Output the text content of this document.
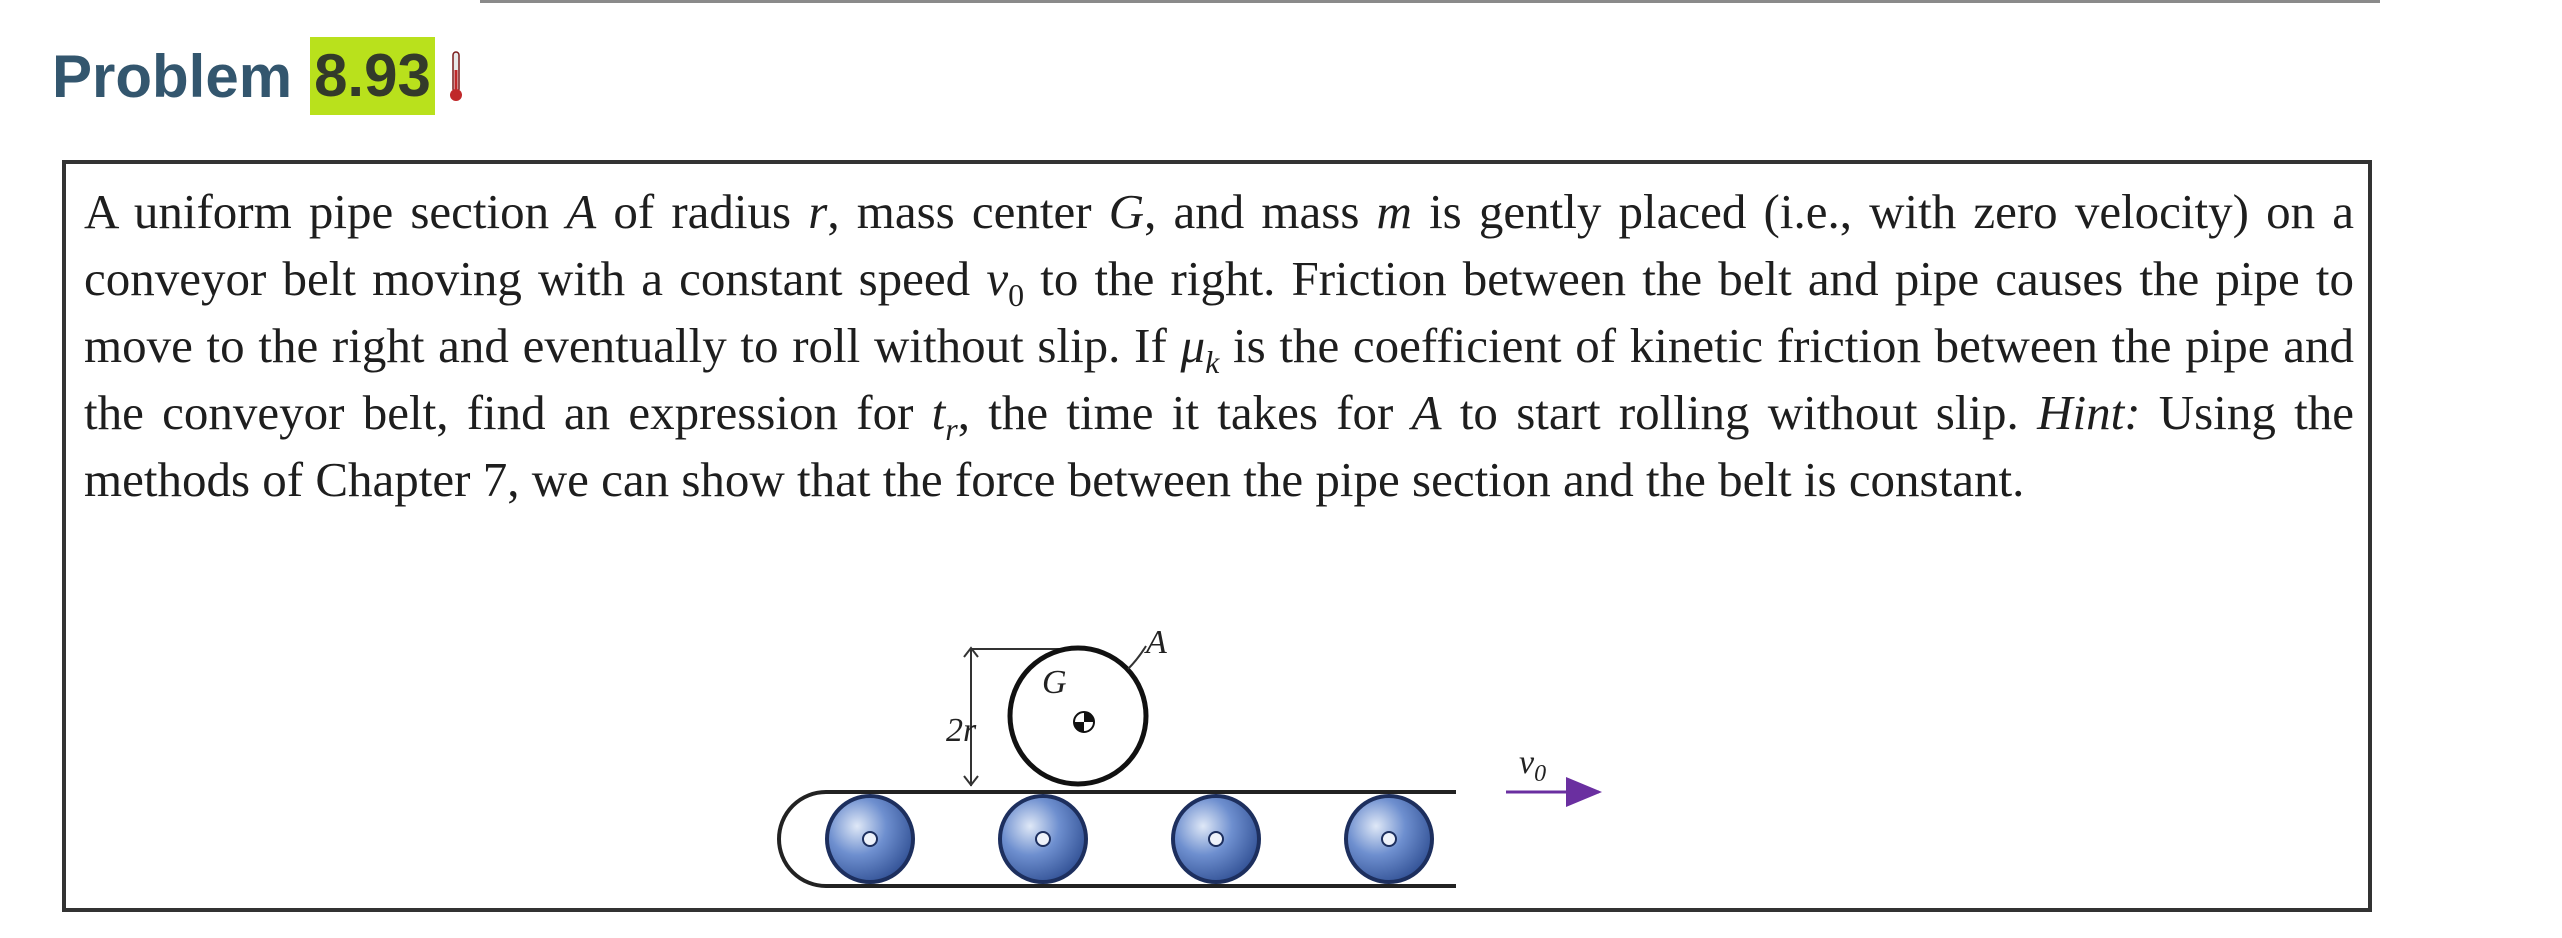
Problem 8.93

A uniform pipe section A of radius r, mass center G, and mass m is gently placed (i.e., with zero velocity) on a conveyor belt moving with a constant speed $v_0$ to the right. Friction between the belt and pipe causes the pipe to move to the right and eventually to roll without slip. If $\mu_k$ is the coefficient of kinetic friction between the pipe and the conveyor belt, find an expression for $t_r$, the time it takes for A to start rolling without slip. Hint: Using the methods of Chapter 7, we can show that the force between the pipe section and the belt is constant.

2r
G
A
$v_0$
